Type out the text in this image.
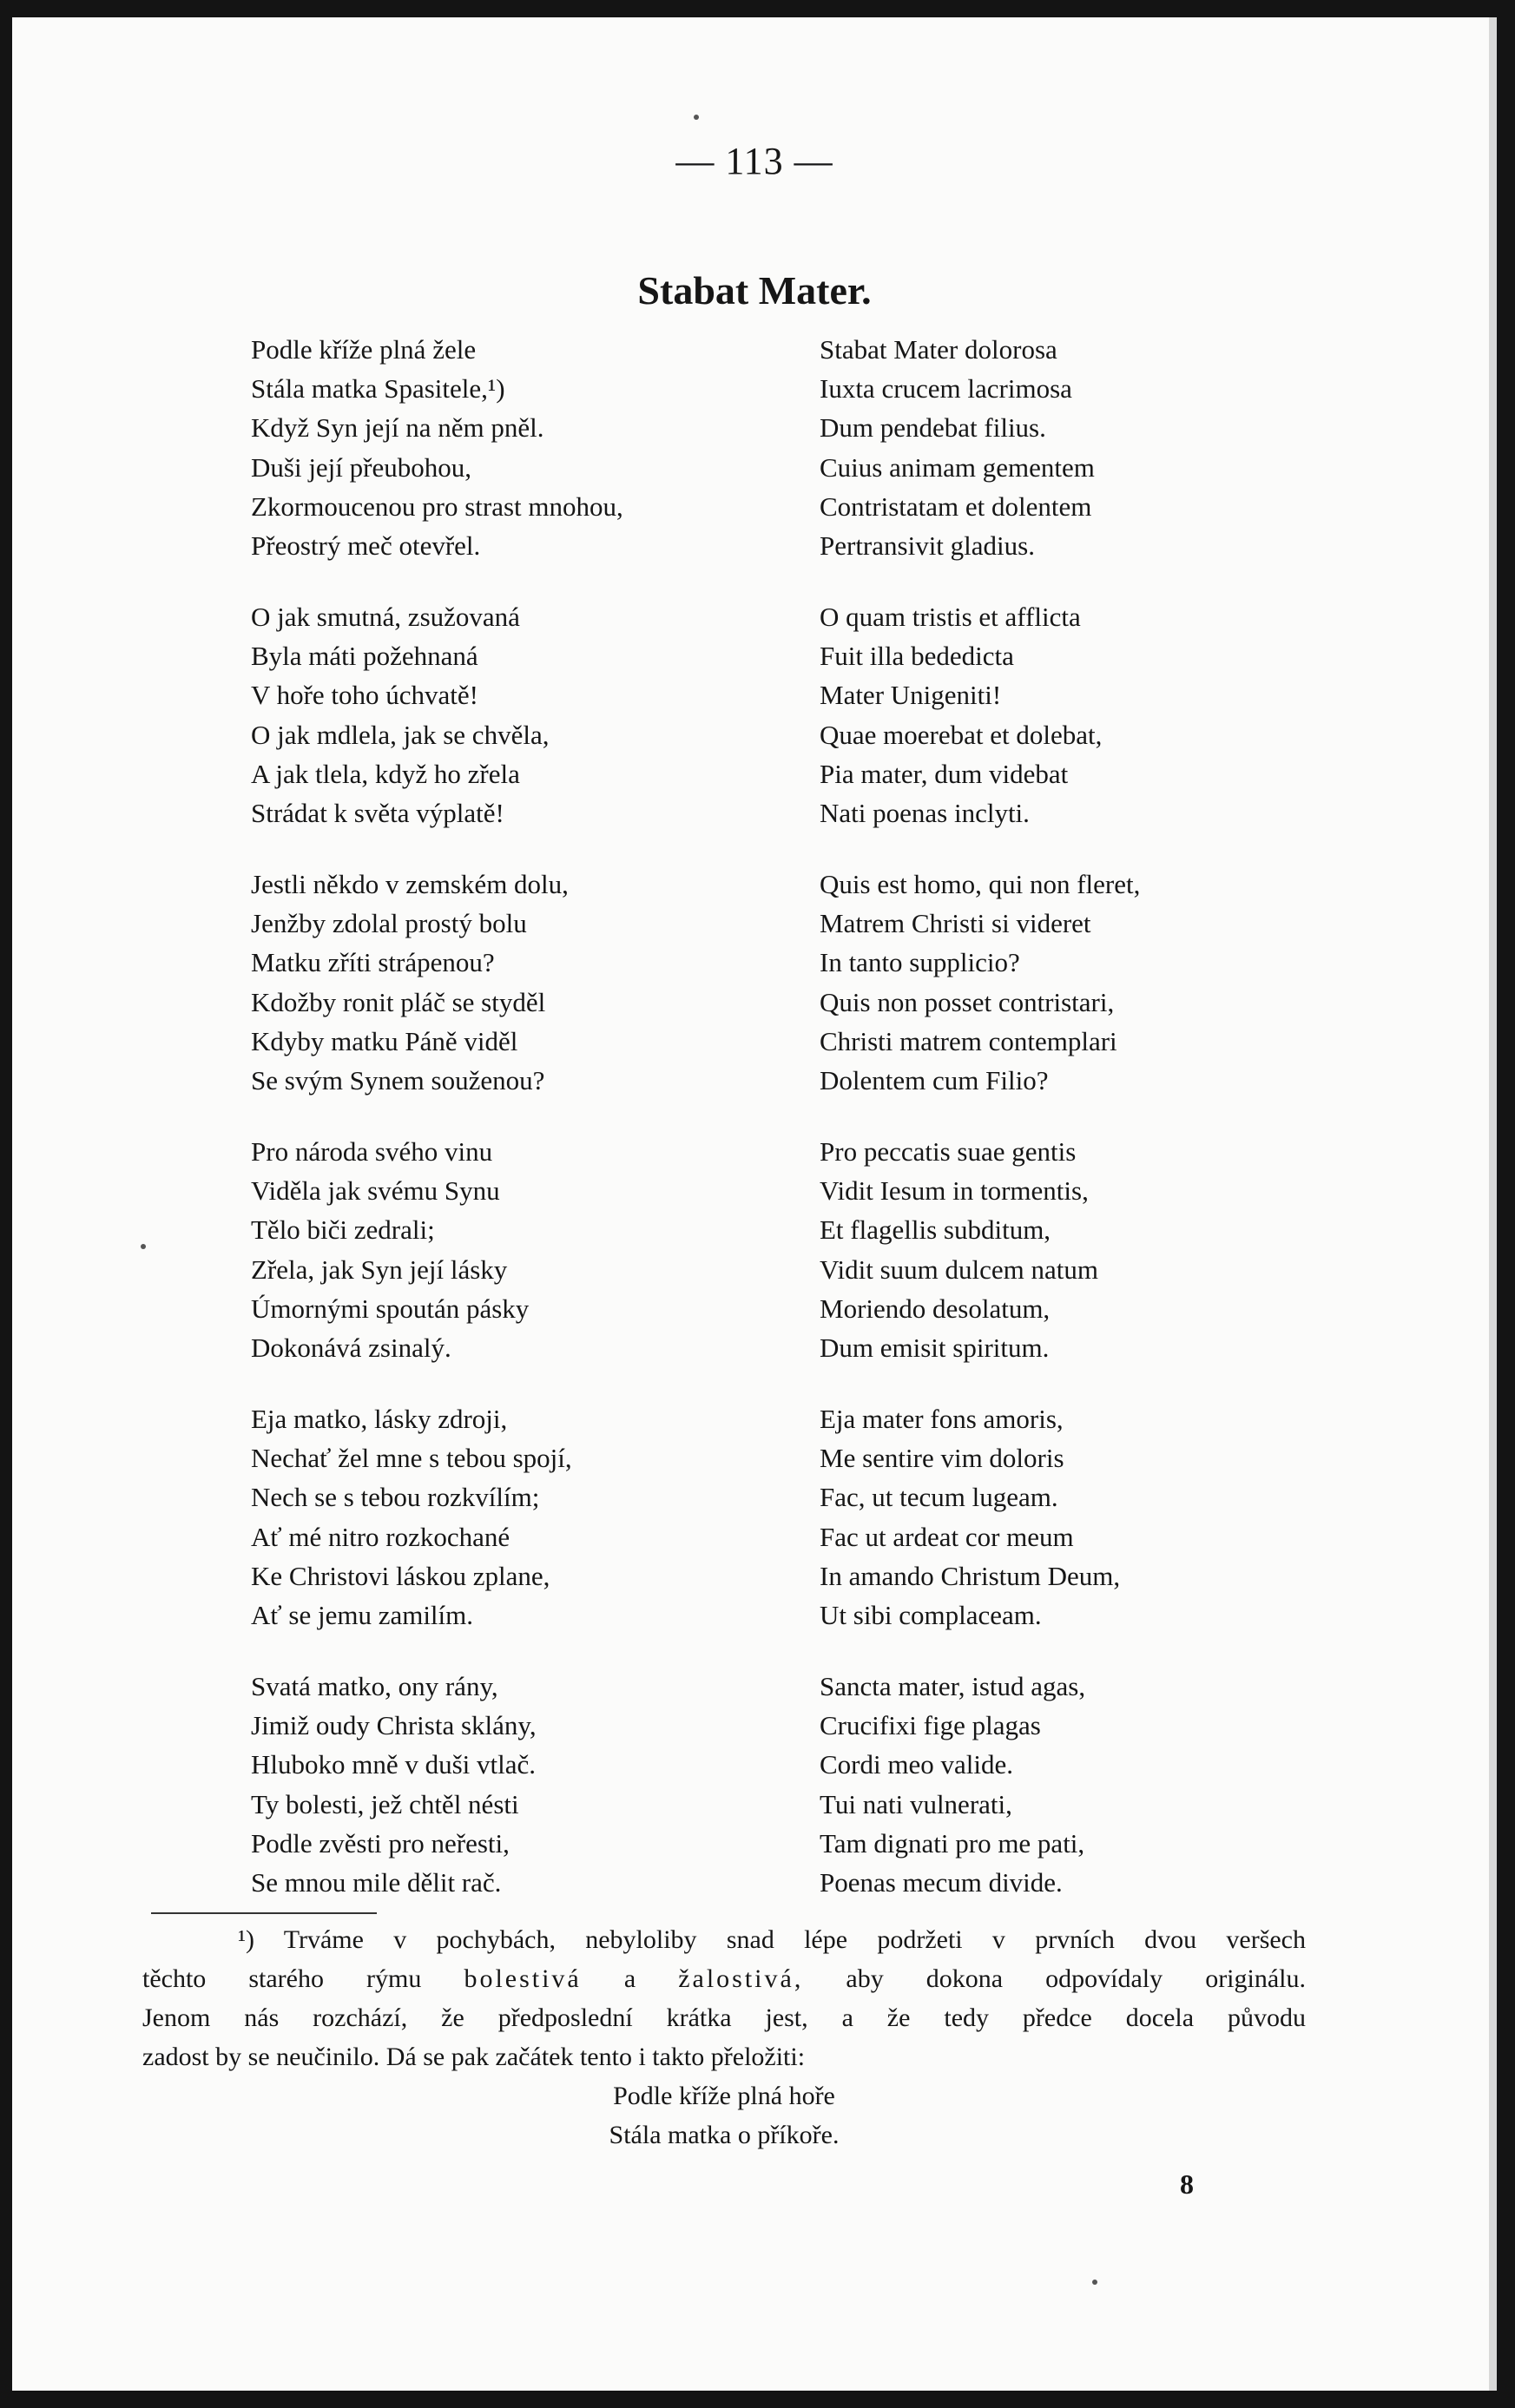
— 113 —
Stabat Mater.
Podle kříže plná žele
Stála matka Spasitele,¹)
Když Syn její na něm pněl.
Duši její přeubohou,
Zkormoucenou pro strast mnohou,
Přeostrý meč otevřel.
Stabat Mater dolorosa
Iuxta crucem lacrimosa
Dum pendebat filius.
Cuius animam gementem
Contristatam et dolentem
Pertransivit gladius.
O jak smutná, zsužovaná
Byla máti požehnaná
V hoře toho úchvatě!
O jak mdlela, jak se chvěla,
A jak tlela, když ho zřela
Strádat k světa výplatě!
O quam tristis et afflicta
Fuit illa bededicta
Mater Unigeniti!
Quae moerebat et dolebat,
Pia mater, dum videbat
Nati poenas inclyti.
Jestli někdo v zemském dolu,
Jenžby zdolal prostý bolu
Matku zříti strápenou?
Kdožby ronit pláč se styděl
Kdyby matku Páně viděl
Se svým Synem souženou?
Quis est homo, qui non fleret,
Matrem Christi si videret
In tanto supplicio?
Quis non posset contristari,
Christi matrem contemplari
Dolentem cum Filio?
Pro národa svého vinu
Viděla jak svému Synu
Tělo biči zedrali;
Zřela, jak Syn její lásky
Úmornými spoután pásky
Dokonává zsinalý.
Pro peccatis suae gentis
Vidit Iesum in tormentis,
Et flagellis subditum,
Vidit suum dulcem natum
Moriendo desolatum,
Dum emisit spiritum.
Eja matko, lásky zdroji,
Nechať žel mne s tebou spojí,
Nech se s tebou rozkvílím;
Ať mé nitro rozkochané
Ke Christovi láskou zplane,
Ať se jemu zamilím.
Eja mater fons amoris,
Me sentire vim doloris
Fac, ut tecum lugeam.
Fac ut ardeat cor meum
In amando Christum Deum,
Ut sibi complaceam.
Svatá matko, ony rány,
Jimiž oudy Christa sklány,
Hluboko mně v duši vtlač.
Ty bolesti, jež chtěl nésti
Podle zvěsti pro neřesti,
Se mnou mile dělit rač.
Sancta mater, istud agas,
Crucifixi fige plagas
Cordi meo valide.
Tui nati vulnerati,
Tam dignati pro me pati,
Poenas mecum divide.
¹) Trváme v pochybách, nebyloliby snad lépe podržeti v prvních dvou veršech
těchto starého rýmu bolestivá a žalostivá, aby dokona odpovídaly originálu.
Jenom nás rozchází, že předposlední krátka jest, a že tedy předce docela původu
zadost by se neučinilo. Dá se pak začátek tento i takto přeložiti:
Podle kříže plná hoře
Stála matka o příkoře.
8
